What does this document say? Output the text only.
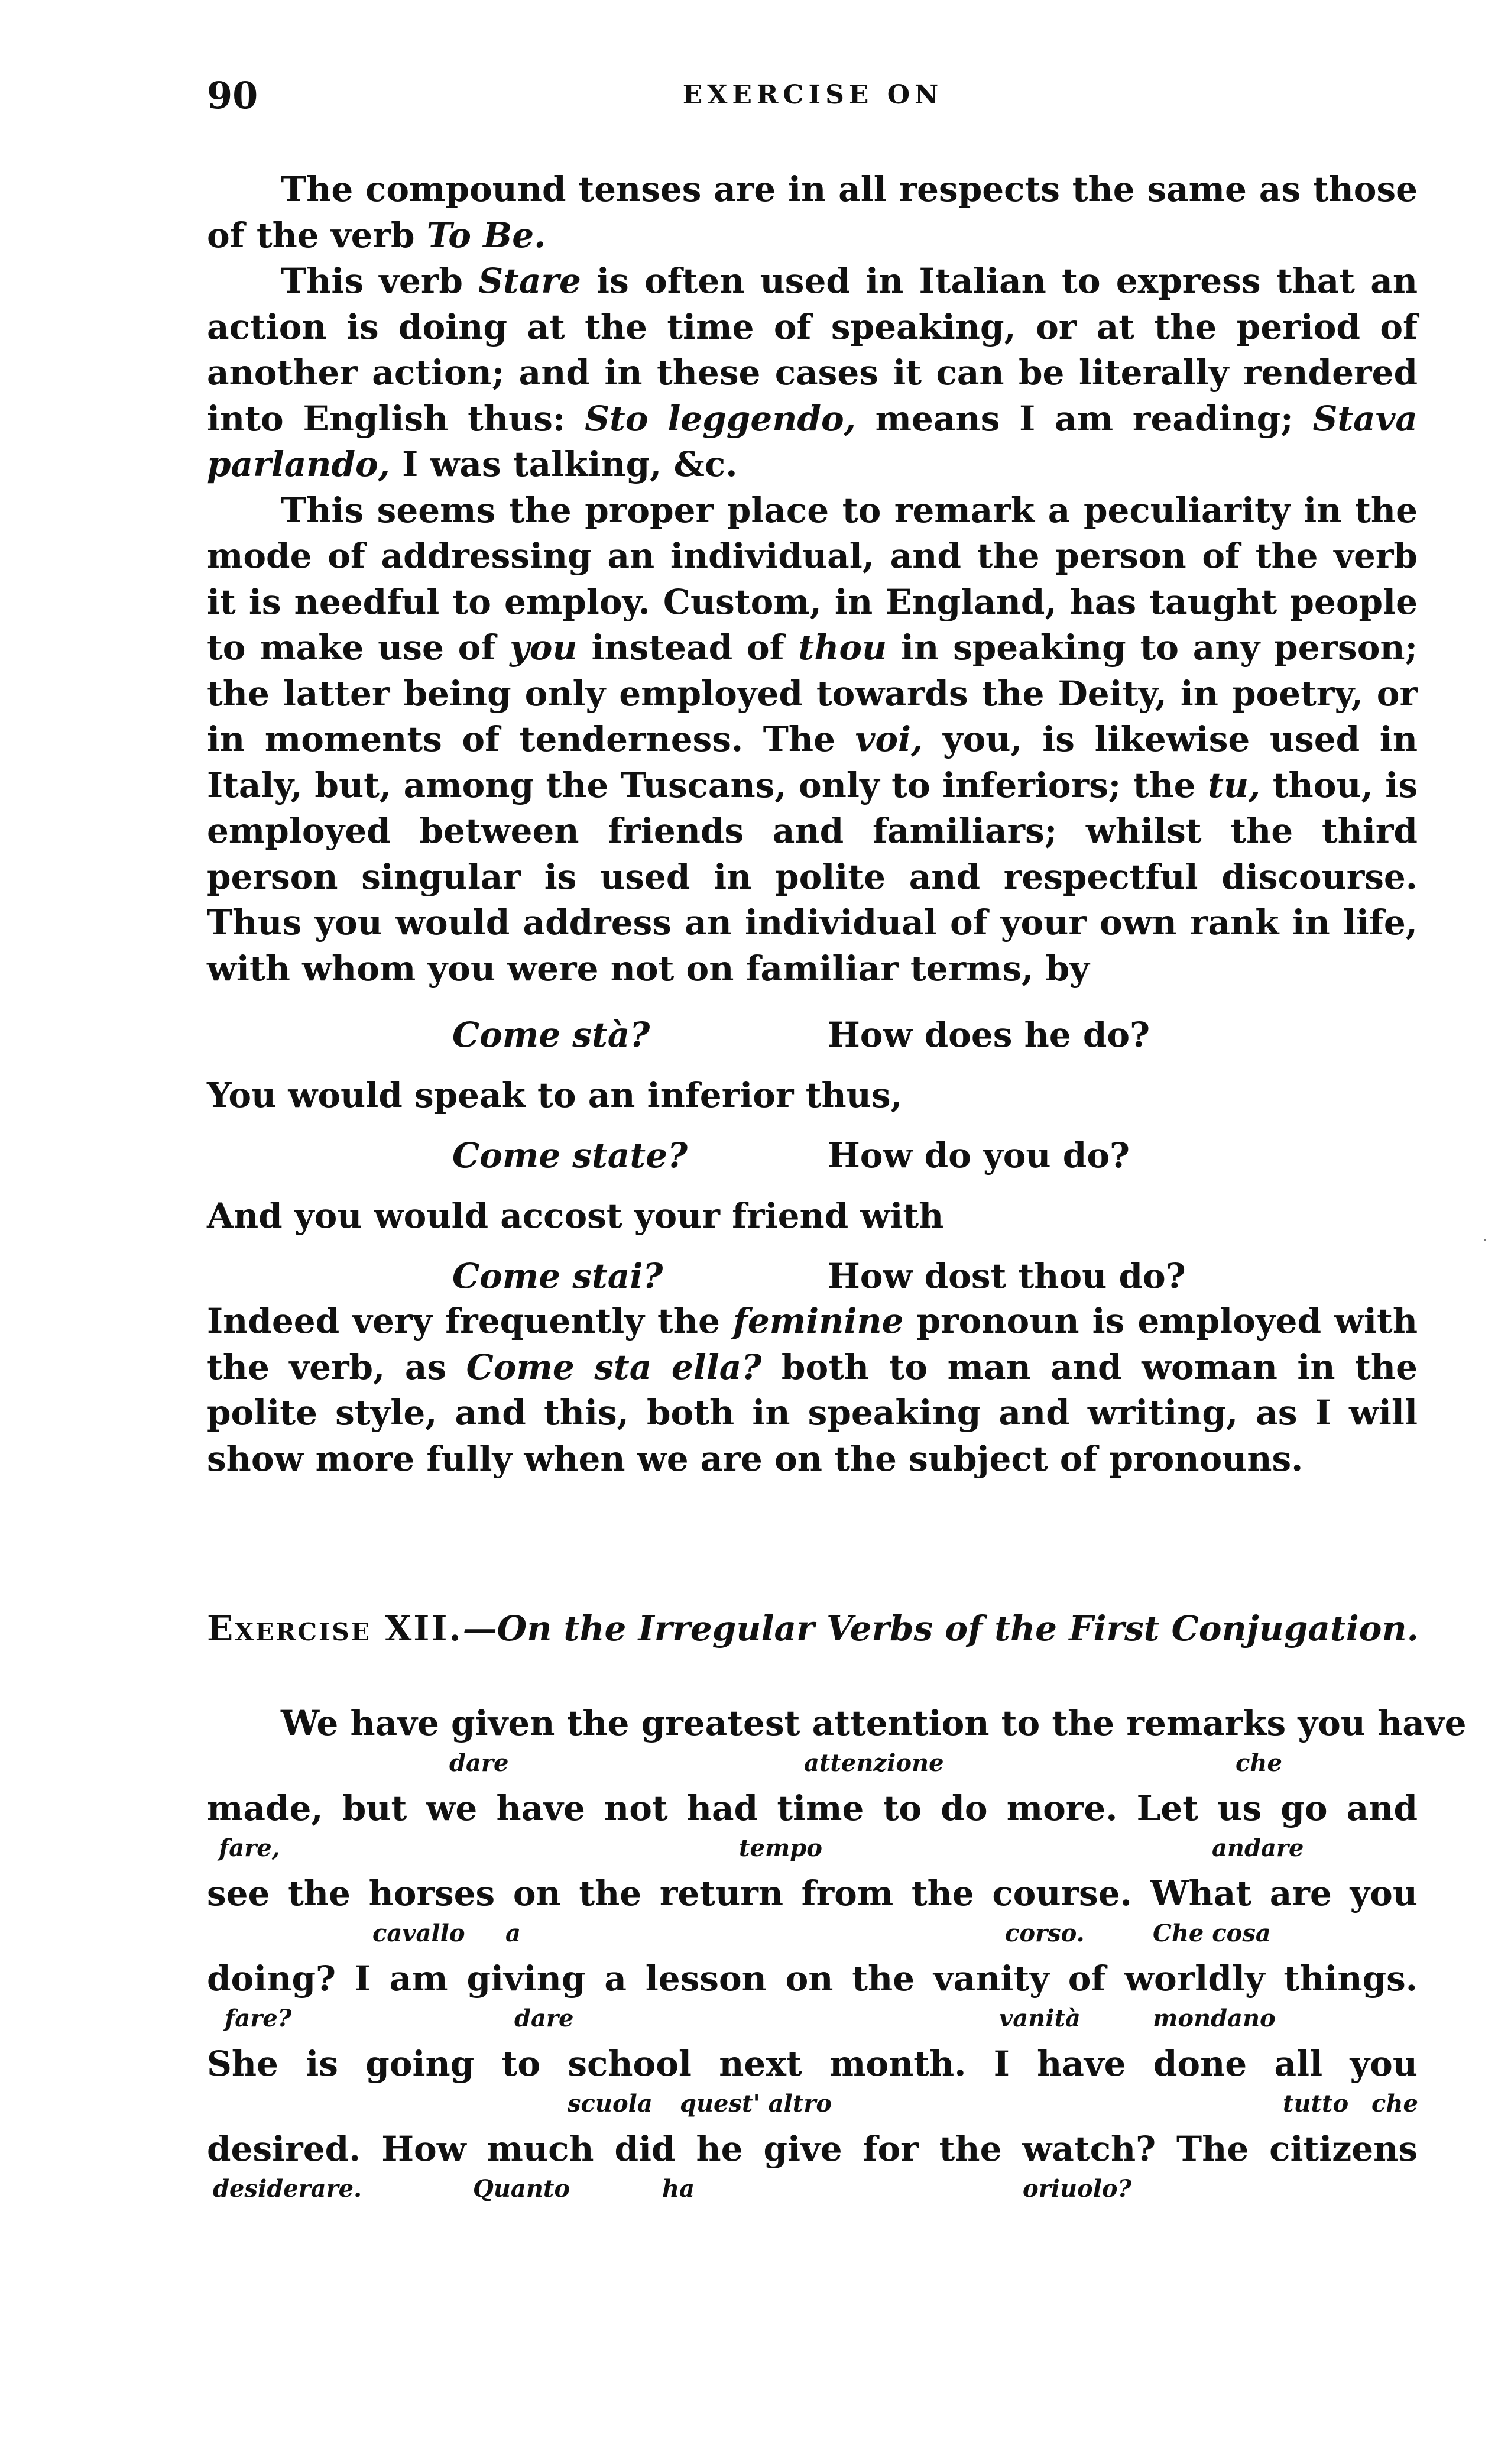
90	EXERCISE ON

The compound tenses are in all respects the same as those of the verb To Be.

This verb Stare is often used in Italian to express that an action is doing at the time of speaking, or at the period of another action; and in these cases it can be literally rendered into English thus: Sto leggendo, means I am reading; Stava parlando, I was talking, &c.

This seems the proper place to remark a peculiarity in the mode of addressing an individual, and the person of the verb it is needful to employ. Custom, in England, has taught people to make use of you instead of thou in speaking to any person; the latter being only employed towards the Deity, in poetry, or in moments of tenderness. The voi, you, is likewise used in Italy, but, among the Tuscans, only to inferiors; the tu, thou, is employed between friends and familiars; whilst the third person singular is used in polite and respectful discourse. Thus you would address an individual of your own rank in life, with whom you were not on familiar terms, by

Come stà?	How does he do?
You would speak to an inferior thus,
Come state?	How do you do?
And you would accost your friend with
Come stai?	How dost thou do?

Indeed very frequently the feminine pronoun is employed with the verb, as Come sta ella? both to man and woman in the polite style, and this, both in speaking and writing, as I will show more fully when we are on the subject of pronouns.

Exercise XII.—On the Irregular Verbs of the First Conjugation.
We have given the greatest attention to the remarks you have
dare	attenzione	che
made, but we have not had time to do more. Let us go and
fare,	tempo	andare
see the horses on the return from the course. What are you
cavallo a	corso.	Che cosa
doing? I am giving a lesson on the vanity of worldly things.
fare?	dare	vanità	mondano
She is going to school next month. I have done all you
scuola quest' altro	tutto che
desired. How much did he give for the watch? The citizens
desiderare.	Quanto	ha	oriuolo?
